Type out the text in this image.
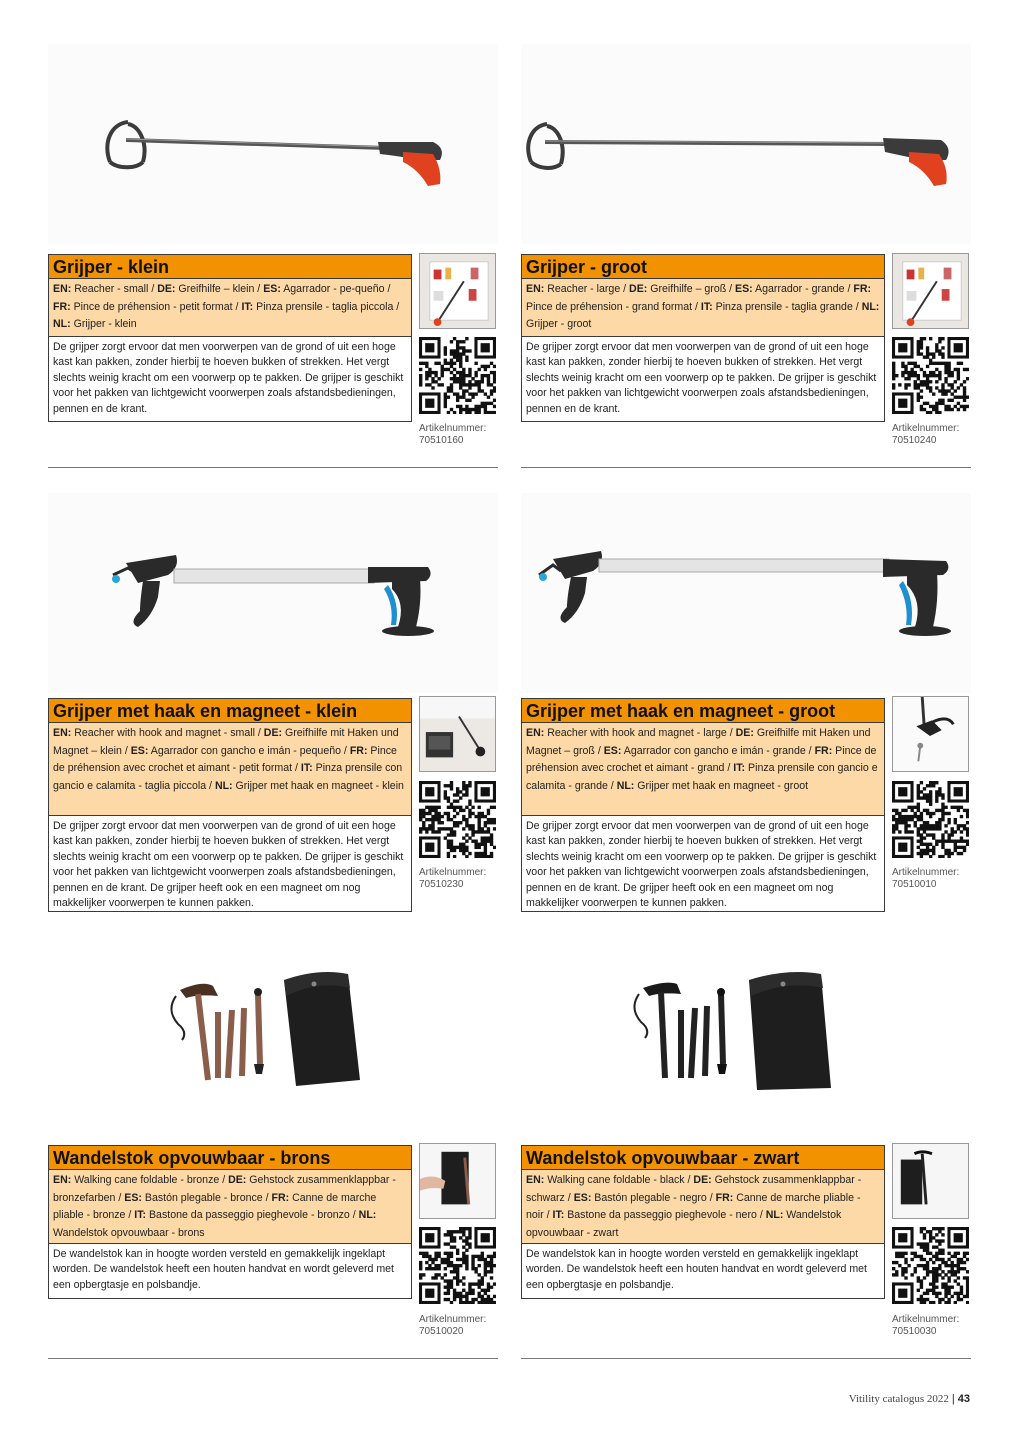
Grijper - klein
EN: Reacher - small / DE: Greifhilfe – klein / ES: Agarrador - pe-queño / FR: Pince de préhension - petit format / IT: Pinza prensile - taglia piccola / NL: Grijper - klein
De grijper zorgt ervoor dat men voorwerpen van de grond of uit een hoge kast kan pakken, zonder hierbij te hoeven bukken of strekken. Het vergt slechts weinig kracht om een voorwerp op te pakken. De grijper is geschikt voor het pakken van lichtgewicht voorwerpen zoals afstandsbedieningen, pennen en de krant.
Artikelnummer:
70510160
Grijper - groot
EN: Reacher - large / DE: Greifhilfe – groß / ES: Agarrador - grande / FR: Pince de préhension - grand format / IT: Pinza prensile - taglia grande / NL: Grijper - groot
De grijper zorgt ervoor dat men voorwerpen van de grond of uit een hoge kast kan pakken, zonder hierbij te hoeven bukken of strekken. Het vergt slechts weinig kracht om een voorwerp op te pakken. De grijper is geschikt voor het pakken van lichtgewicht voorwerpen zoals afstandsbedieningen, pennen en de krant.
Artikelnummer:
70510240
Grijper met haak en magneet - klein
EN: Reacher with hook and magnet - small / DE: Greifhilfe mit Haken und Magnet – klein / ES: Agarrador con gancho e imán - pequeño / FR: Pince de préhension avec crochet et aimant - petit format / IT: Pinza prensile con gancio e calamita - taglia piccola / NL: Grijper met haak en magneet - klein
De grijper zorgt ervoor dat men voorwerpen van de grond of uit een hoge kast kan pakken, zonder hierbij te hoeven bukken of strekken. Het vergt slechts weinig kracht om een voorwerp op te pakken. De grijper is geschikt voor het pakken van lichtgewicht voorwerpen zoals afstandsbedieningen, pennen en de krant. De grijper heeft ook en een magneet om nog makkelijker voorwerpen te kunnen pakken.
Artikelnummer:
70510230
Grijper met haak en magneet - groot
EN: Reacher with hook and magnet - large / DE: Greifhilfe mit Haken und Magnet – groß / ES: Agarrador con gancho e imán - grande / FR: Pince de préhension avec crochet et aimant - grand / IT: Pinza prensile con gancio e calamita - grande / NL: Grijper met haak en magneet - groot
De grijper zorgt ervoor dat men voorwerpen van de grond of uit een hoge kast kan pakken, zonder hierbij te hoeven bukken of strekken. Het vergt slechts weinig kracht om een voorwerp op te pakken. De grijper is geschikt voor het pakken van lichtgewicht voorwerpen zoals afstandsbedieningen, pennen en de krant. De grijper heeft ook en een magneet om nog makkelijker voorwerpen te kunnen pakken.
Artikelnummer:
70510010
Wandelstok opvouwbaar - brons
EN: Walking cane foldable - bronze / DE: Gehstock zusammenklappbar - bronzefarben / ES: Bastón plegable - bronce / FR: Canne de marche pliable - bronze / IT: Bastone da passeggio pieghevole - bronzo / NL: Wandelstok opvouwbaar - brons
De wandelstok kan in hoogte worden versteld en gemakkelijk ingeklapt worden. De wandelstok heeft een houten handvat en wordt geleverd met een opbergtasje en polsbandje.
Artikelnummer:
70510020
Wandelstok opvouwbaar - zwart
EN: Walking cane foldable - black / DE: Gehstock zusammenklappbar - schwarz / ES: Bastón plegable - negro / FR: Canne de marche pliable - noir / IT: Bastone da passeggio pieghevole - nero / NL: Wandelstok opvouwbaar - zwart
De wandelstok kan in hoogte worden versteld en gemakkelijk ingeklapt worden. De wandelstok heeft een houten handvat en wordt geleverd met een opbergtasje en polsbandje.
Artikelnummer:
70510030
Vitility catalogus 2022 | 43
